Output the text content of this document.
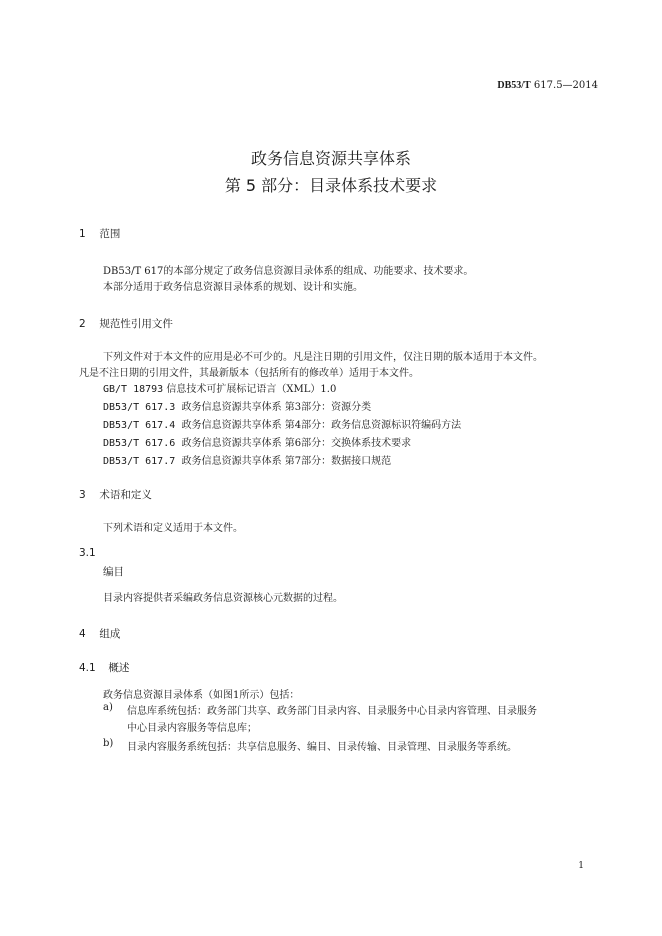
DB53/T 617.5—2014
政务信息资源共享体系
第 5 部分：目录体系技术要求
1 范围
DB53/T 617的本部分规定了政务信息资源目录体系的组成、功能要求、技术要求。
本部分适用于政务信息资源目录体系的规划、设计和实施。
2 规范性引用文件
下列文件对于本文件的应用是必不可少的。凡是注日期的引用文件，仅注日期的版本适用于本文件。
凡是不注日期的引用文件，其最新版本（包括所有的修改单）适用于本文件。
GB/T 18793 信息技术可扩展标记语言（XML）1.0
DB53/T 617.3 政务信息资源共享体系 第3部分：资源分类
DB53/T 617.4 政务信息资源共享体系 第4部分：政务信息资源标识符编码方法
DB53/T 617.6 政务信息资源共享体系 第6部分：交换体系技术要求
DB53/T 617.7 政务信息资源共享体系 第7部分：数据接口规范
3 术语和定义
下列术语和定义适用于本文件。
3.1
编目
目录内容提供者采编政务信息资源核心元数据的过程。
4 组成
4.1 概述
政务信息资源目录体系（如图1所示）包括：
a) 信息库系统包括：政务部门共享、政务部门目录内容、目录服务中心目录内容管理、目录服务
中心目录内容服务等信息库；
b) 目录内容服务系统包括：共享信息服务、编目、目录传输、目录管理、目录服务等系统。
1
